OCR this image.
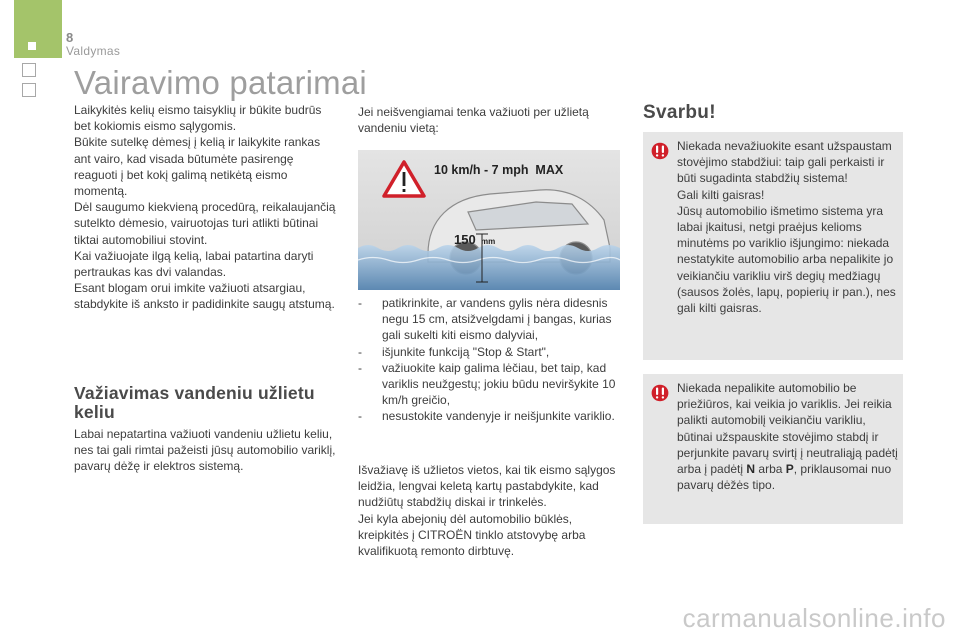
8
Valdymas
Vairavimo patarimai

Laikykitės kelių eismo taisyklių ir būkite budrūs bet kokiomis eismo sąlygomis.

Būkite sutelkę dėmesį į kelią ir laikykite rankas ant vairo, kad visada būtumėte pasirengę reaguoti į bet kokį galimą netikėtą eismo momentą.

Dėl saugumo kiekvieną procedūrą, reikalaujančią sutelkto dėmesio, vairuotojas turi atlikti būtinai tiktai automobiliui stovint.

Kai važiuojate ilgą kelią, labai patartina daryti pertraukas kas dvi valandas.

Esant blogam orui imkite važiuoti atsargiau, stabdykite iš anksto ir padidinkite saugų atstumą.

Važiavimas vandeniu užlietu keliu

Labai nepatartina važiuoti vandeniu užlietu keliu, nes tai gali rimtai pažeisti jūsų automobilio variklį, pavarų dėžę ir elektros sistemą.

Jei neišvengiamai tenka važiuoti per užlietą vandeniu vietą:

150 mm
10 km/h - 7 mph  MAX
- patikrinkite, ar vandens gylis nėra didesnis negu 15 cm, atsižvelgdami į bangas, kurias gali sukelti kiti eismo dalyviai,
- išjunkite funkciją "Stop & Start",
- važiuokite kaip galima lėčiau, bet taip, kad variklis neužgestų; jokiu būdu neviršykite 10 km/h greičio,
- nesustokite vandenyje ir neišjunkite variklio.

Išvažiavę iš užlietos vietos, kai tik eismo sąlygos leidžia, lengvai keletą kartų pastabdykite, kad nudžiūtų stabdžių diskai ir trinkelės.

Jei kyla abejonių dėl automobilio būklės, kreipkitės į CITROËN tinklo atstovybę arba kvalifikuotą remonto dirbtuvę.

Svarbu!

Niekada nevažiuokite esant užspaustam stovėjimo stabdžiui: taip gali perkaisti ir būti sugadinta stabdžių sistema!

Gali kilti gaisras!

Jūsų automobilio išmetimo sistema yra labai įkaitusi, netgi praėjus kelioms minutėms po variklio išjungimo: niekada nestatykite automobilio arba nepalikite jo veikiančiu varikliu virš degių medžiagų (sausos žolės, lapų, popierių ir pan.), nes gali kilti gaisras.

Niekada nepalikite automobilio be priežiūros, kai veikia jo variklis. Jei reikia palikti automobilį veikiančiu varikliu, būtinai užspauskite stovėjimo stabdį ir perjunkite pavarų svirtį į neutraliąją padėtį arba į padėtį N arba P, priklausomai nuo pavarų dėžės tipo.

carmanualsonline.info
